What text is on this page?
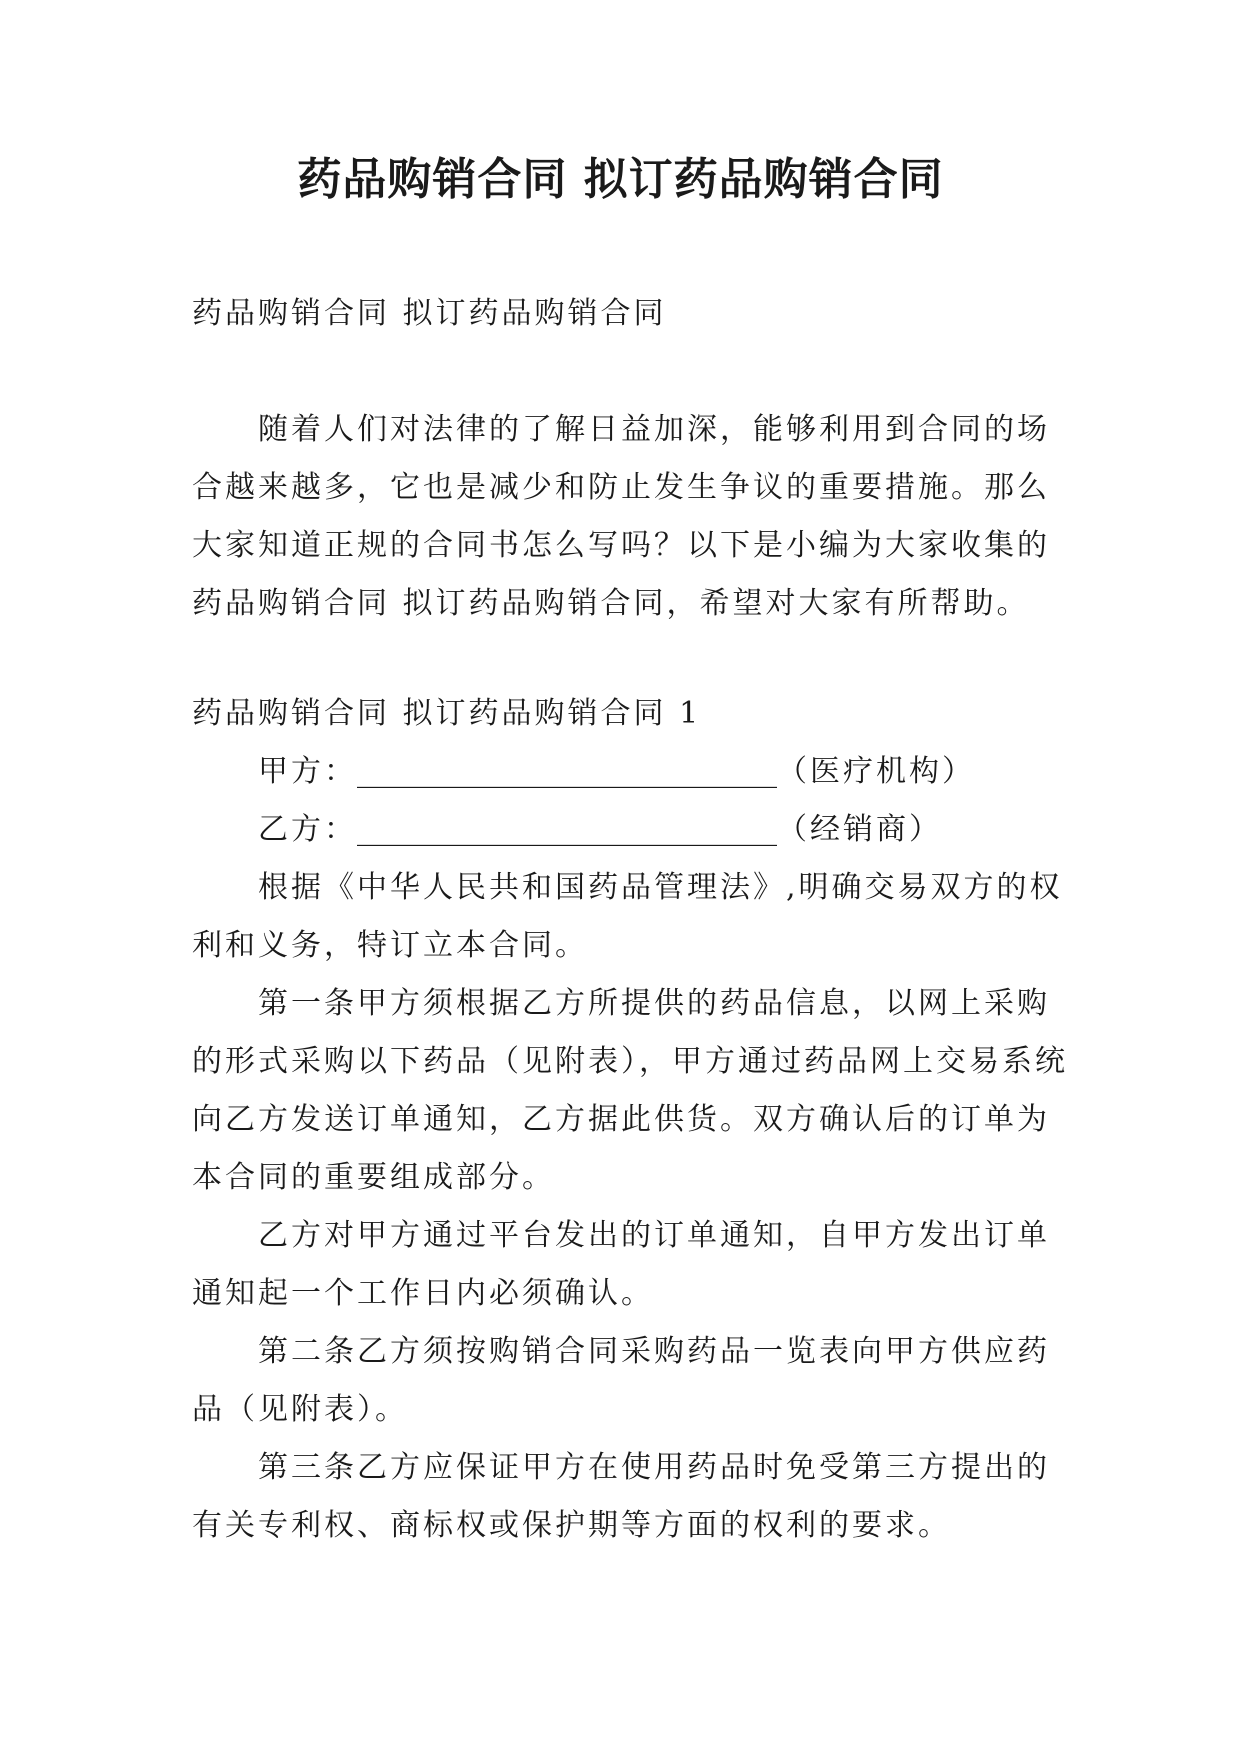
药品购销合同 拟订药品购销合同

药品购销合同 拟订药品购销合同

随着人们对法律的了解日益加深，能够利用到合同的场合越来越多，它也是减少和防止发生争议的重要措施。那么大家知道正规的合同书怎么写吗？以下是小编为大家收集的药品购销合同 拟订药品购销合同，希望对大家有所帮助。

药品购销合同 拟订药品购销合同 1

甲方：____________________________（医疗机构）

乙方：____________________________（经销商）

根据《中华人民共和国药品管理法》,明确交易双方的权利和义务，特订立本合同。

第一条甲方须根据乙方所提供的药品信息，以网上采购的形式采购以下药品（见附表），甲方通过药品网上交易系统向乙方发送订单通知，乙方据此供货。双方确认后的订单为本合同的重要组成部分。

乙方对甲方通过平台发出的订单通知，自甲方发出订单通知起一个工作日内必须确认。

第二条乙方须按购销合同采购药品一览表向甲方供应药品（见附表）。

第三条乙方应保证甲方在使用药品时免受第三方提出的有关专利权、商标权或保护期等方面的权利的要求。
